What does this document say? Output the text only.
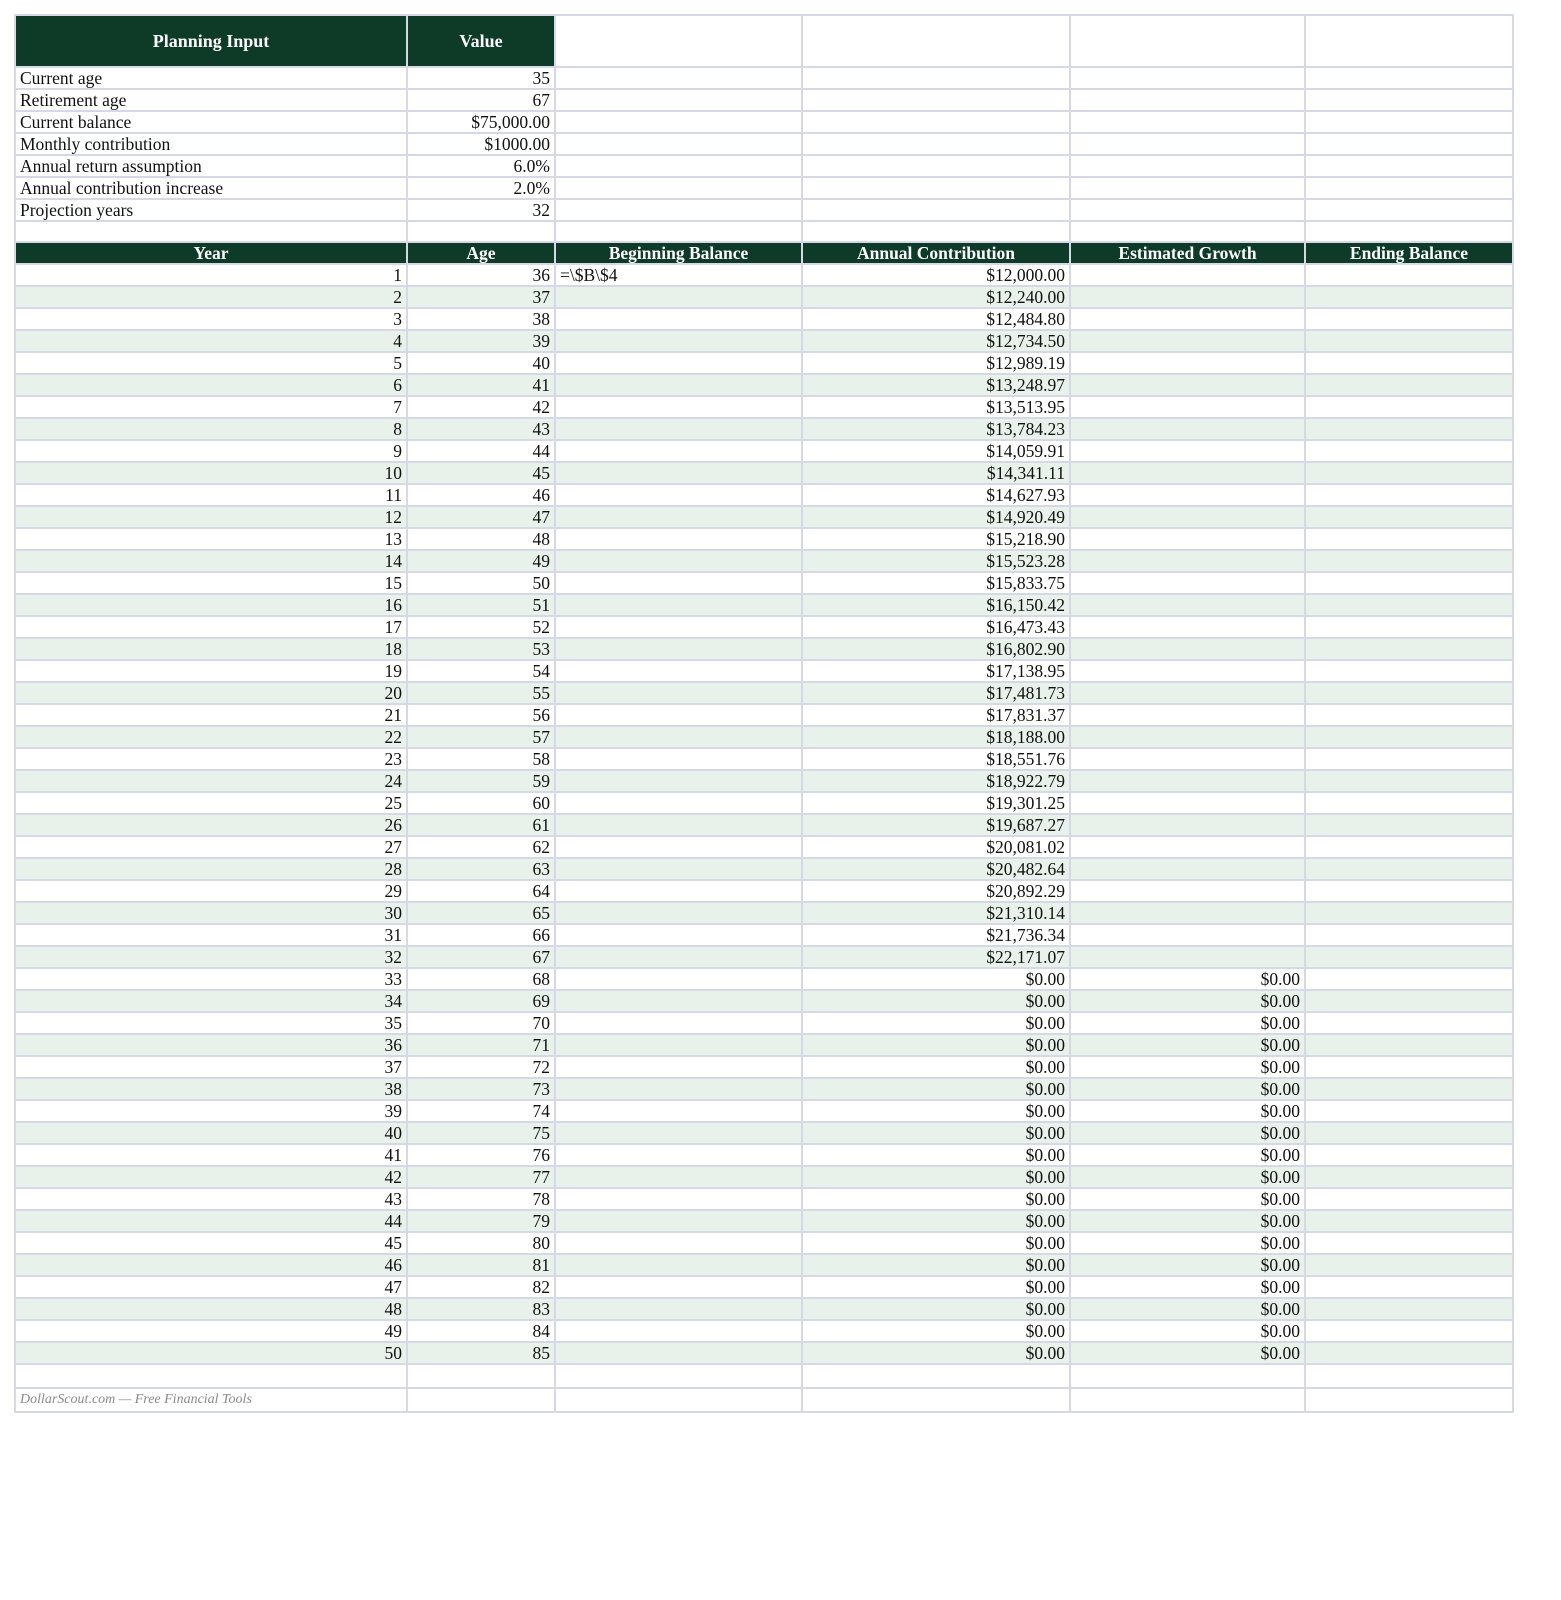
Planning Input	Value				
Current age	35				
Retirement age	67				
Current balance	$75,000.00				
Monthly contribution	$1000.00				
Annual return assumption	6.0%				
Annual contribution increase	2.0%				
Projection years	32				

Year	Age	Beginning Balance	Annual Contribution	Estimated Growth	Ending Balance
1	36	=\$B\$4	$12,000.00		
2	37		$12,240.00		
3	38		$12,484.80		
4	39		$12,734.50		
5	40		$12,989.19		
6	41		$13,248.97		
7	42		$13,513.95		
8	43		$13,784.23		
9	44		$14,059.91		
10	45		$14,341.11		
11	46		$14,627.93		
12	47		$14,920.49		
13	48		$15,218.90		
14	49		$15,523.28		
15	50		$15,833.75		
16	51		$16,150.42		
17	52		$16,473.43		
18	53		$16,802.90		
19	54		$17,138.95		
20	55		$17,481.73		
21	56		$17,831.37		
22	57		$18,188.00		
23	58		$18,551.76		
24	59		$18,922.79		
25	60		$19,301.25		
26	61		$19,687.27		
27	62		$20,081.02		
28	63		$20,482.64		
29	64		$20,892.29		
30	65		$21,310.14		
31	66		$21,736.34		
32	67		$22,171.07		
33	68		$0.00	$0.00	
34	69		$0.00	$0.00	
35	70		$0.00	$0.00	
36	71		$0.00	$0.00	
37	72		$0.00	$0.00	
38	73		$0.00	$0.00	
39	74		$0.00	$0.00	
40	75		$0.00	$0.00	
41	76		$0.00	$0.00	
42	77		$0.00	$0.00	
43	78		$0.00	$0.00	
44	79		$0.00	$0.00	
45	80		$0.00	$0.00	
46	81		$0.00	$0.00	
47	82		$0.00	$0.00	
48	83		$0.00	$0.00	
49	84		$0.00	$0.00	
50	85		$0.00	$0.00	

DollarScout.com — Free Financial Tools					
